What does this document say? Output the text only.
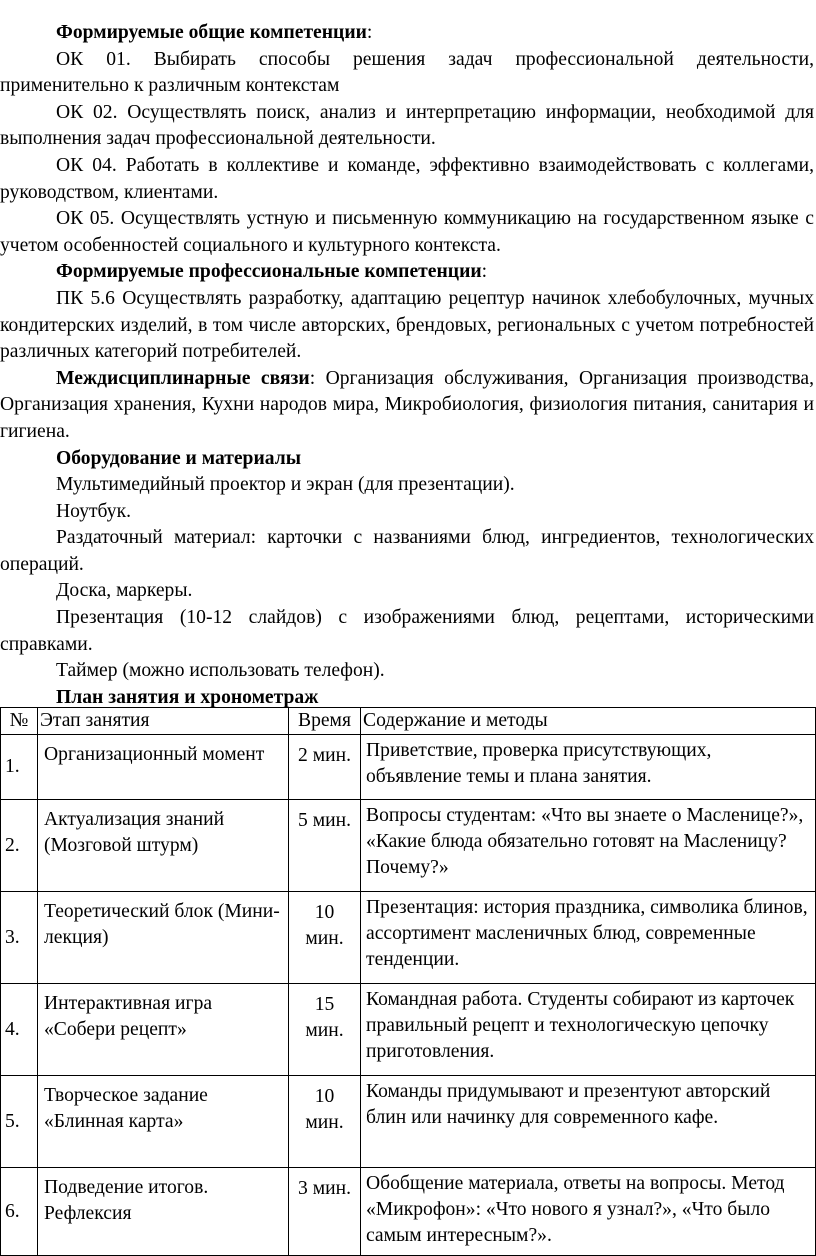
Формируемые общие компетенции:

ОК 01. Выбирать способы решения задач профессиональной деятельности, применительно к различным контекстам

ОК 02. Осуществлять поиск, анализ и интерпретацию информации, необходимой для выполнения задач профессиональной деятельности.

ОК 04. Работать в коллективе и команде, эффективно взаимодействовать с коллегами, руководством, клиентами.

ОК 05. Осуществлять устную и письменную коммуникацию на государственном языке с учетом особенностей социального и культурного контекста.

Формируемые профессиональные компетенции:

ПК 5.6 Осуществлять разработку, адаптацию рецептур начинок хлебобулочных, мучных кондитерских изделий, в том числе авторских, брендовых, региональных с учетом потребностей различных категорий потребителей.

Междисциплинарные связи: Организация обслуживания, Организация производства, Организация хранения, Кухни народов мира, Микробиология, физиология питания, санитария и гигиена.

Оборудование и материалы

Мультимедийный проектор и экран (для презентации).

Ноутбук.

Раздаточный материал: карточки с названиями блюд, ингредиентов, технологических операций.

Доска, маркеры.

Презентация (10-12 слайдов) с изображениями блюд, рецептами, историческими справками.

Таймер (можно использовать телефон).

План занятия и хронометраж

№	Этап занятия	Время	Содержание и методы
1.	Организационный момент	2 мин.	Приветствие, проверка присутствующих, объявление темы и плана занятия.
2.	Актуализация знаний (Мозговой штурм)	5 мин.	Вопросы студентам: «Что вы знаете о Масленице?», «Какие блюда обязательно готовят на Масленицу? Почему?»
3.	Теоретический блок (Мини-лекция)	10 мин.	Презентация: история праздника, символика блинов, ассортимент масленичных блюд, современные тенденции.
4.	Интерактивная игра «Собери рецепт»	15 мин.	Командная работа. Студенты собирают из карточек правильный рецепт и технологическую цепочку приготовления.
5.	Творческое задание «Блинная карта»	10 мин.	Команды придумывают и презентуют авторский блин или начинку для современного кафе.
6.	Подведение итогов. Рефлексия	3 мин.	Обобщение материала, ответы на вопросы. Метод «Микрофон»: «Что нового я узнал?», «Что было самым интересным?».
